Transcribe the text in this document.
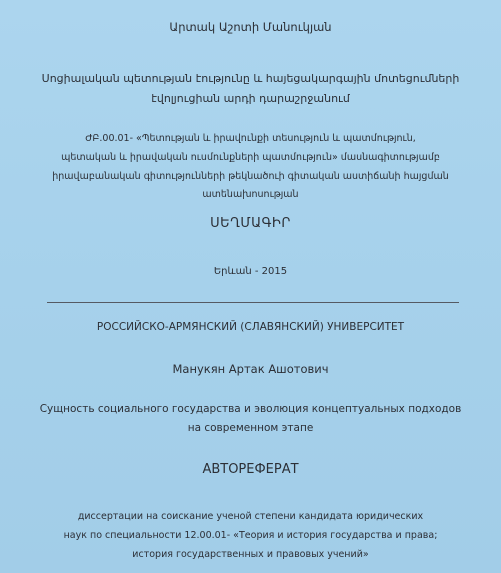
Արտակ Աշոտի Մանուկյան
Սոցիալական պետության էությունը և հայեցակարգային մոտեցումների
էվոլյուցիան արդի դարաշրջանում
ԺԲ.00.01- «Պետության և իրավունքի տեսություն և պատմություն,
պետական և իրավական ուսմունքների պատմություն» մասնագիտությամբ
իրավաբանական գիտությունների թեկնածուի գիտական աստիճանի հայցման
ատենախոսության
ՍԵՂՄԱԳԻՐ
Երևան - 2015
РОССИЙСКО-АРМЯНСКИЙ (СЛАВЯНСКИЙ) УНИВЕРСИТЕТ
Манукян Артак Ашотович
Сущность социального государства и эволюция концептуальных подходов
на современном этапе
АВТОРЕФЕРАТ
диссертации на соискание ученой степени кандидата юридических
наук по специальности 12.00.01- «Теория и история государства и права;
история государственных и правовых учений»
